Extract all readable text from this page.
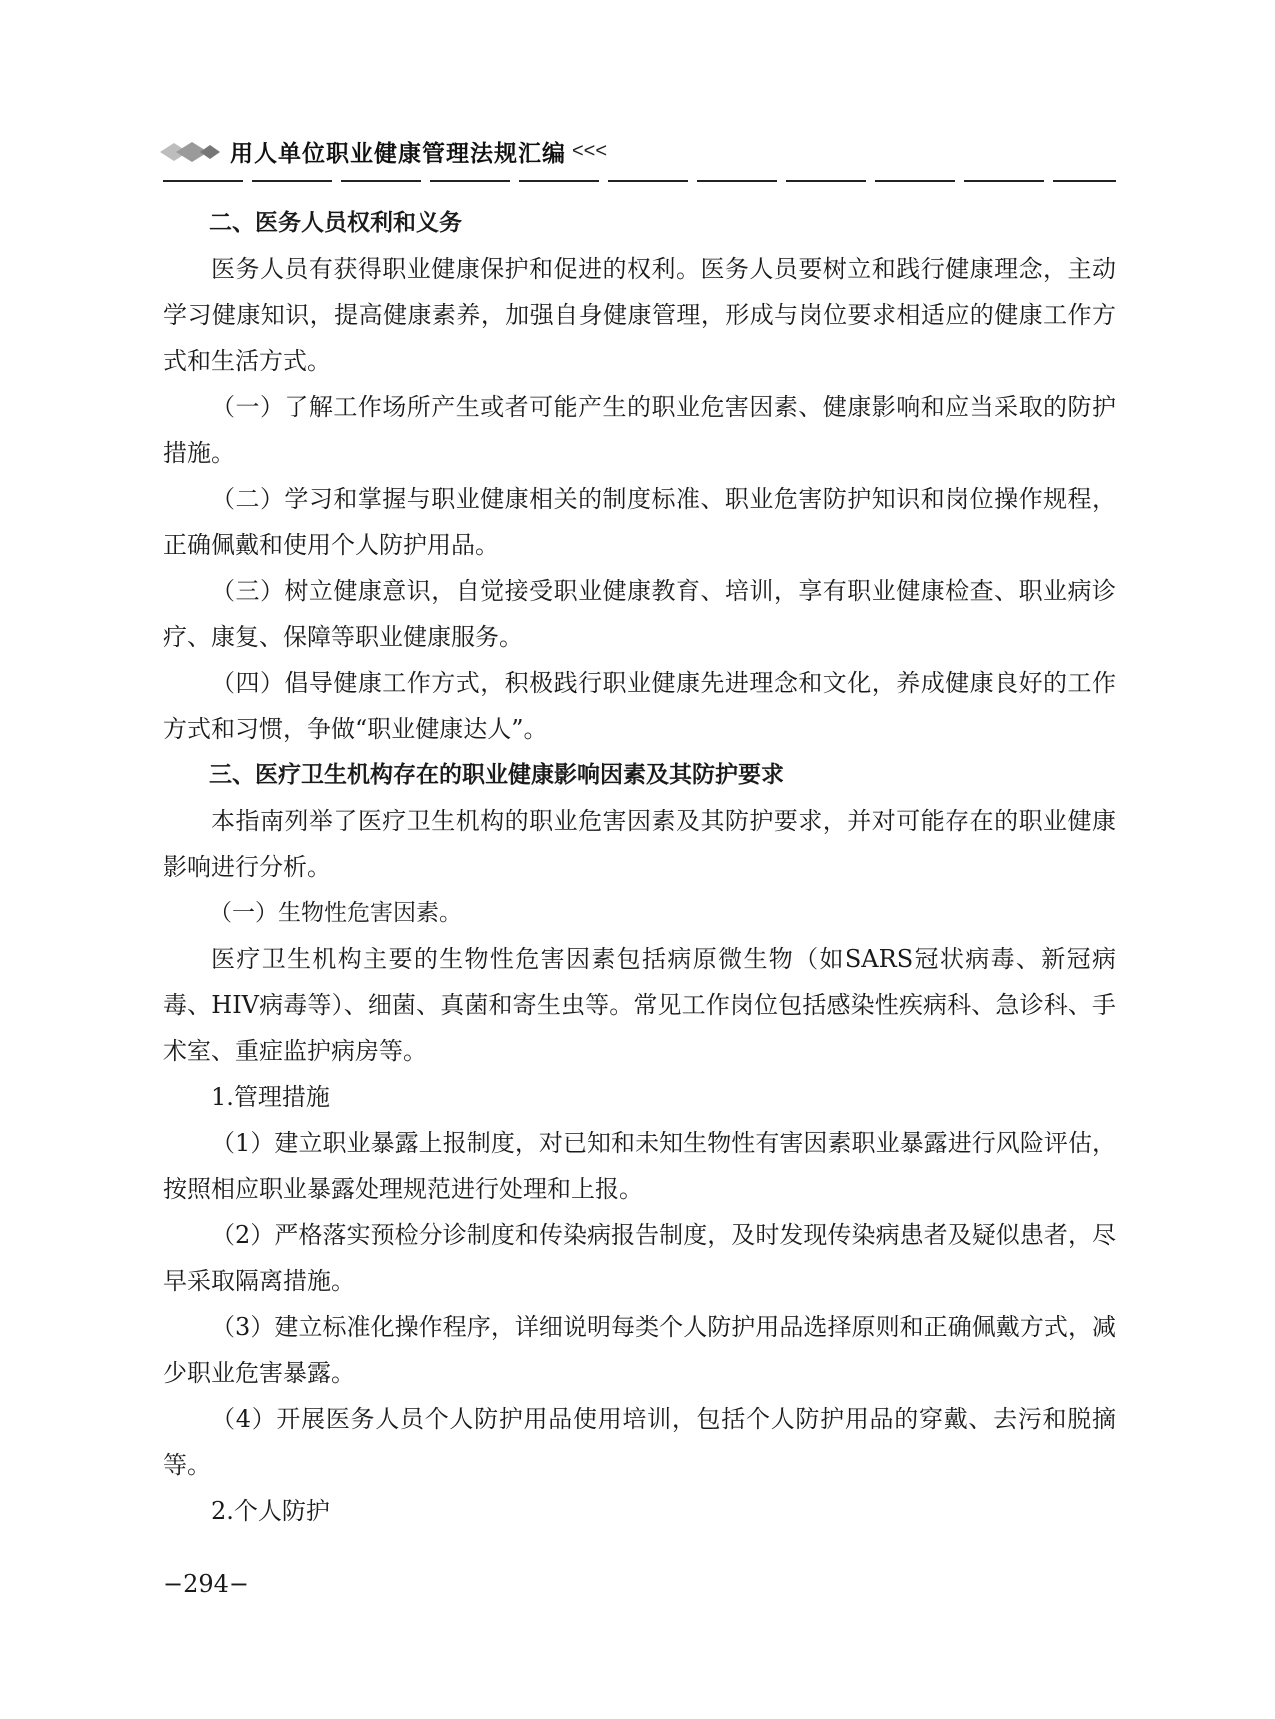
用人单位职业健康管理法规汇编 <<<

二、医务人员权利和义务

医务人员有获得职业健康保护和促进的权利。医务人员要树立和践行健康理念，主动学习健康知识，提高健康素养，加强自身健康管理，形成与岗位要求相适应的健康工作方式和生活方式。

（一）了解工作场所产生或者可能产生的职业危害因素、健康影响和应当采取的防护措施。

（二）学习和掌握与职业健康相关的制度标准、职业危害防护知识和岗位操作规程，正确佩戴和使用个人防护用品。

（三）树立健康意识，自觉接受职业健康教育、培训，享有职业健康检查、职业病诊疗、康复、保障等职业健康服务。

（四）倡导健康工作方式，积极践行职业健康先进理念和文化，养成健康良好的工作方式和习惯，争做“职业健康达人”。

三、医疗卫生机构存在的职业健康影响因素及其防护要求

本指南列举了医疗卫生机构的职业危害因素及其防护要求，并对可能存在的职业健康影响进行分析。

（一）生物性危害因素。

医疗卫生机构主要的生物性危害因素包括病原微生物（如SARS冠状病毒、新冠病毒、HIV病毒等）、细菌、真菌和寄生虫等。常见工作岗位包括感染性疾病科、急诊科、手术室、重症监护病房等。

1.管理措施

（1）建立职业暴露上报制度，对已知和未知生物性有害因素职业暴露进行风险评估，按照相应职业暴露处理规范进行处理和上报。

（2）严格落实预检分诊制度和传染病报告制度，及时发现传染病患者及疑似患者，尽早采取隔离措施。

（3）建立标准化操作程序，详细说明每类个人防护用品选择原则和正确佩戴方式，减少职业危害暴露。

（4）开展医务人员个人防护用品使用培训，包括个人防护用品的穿戴、去污和脱摘等。

2.个人防护

−294−
